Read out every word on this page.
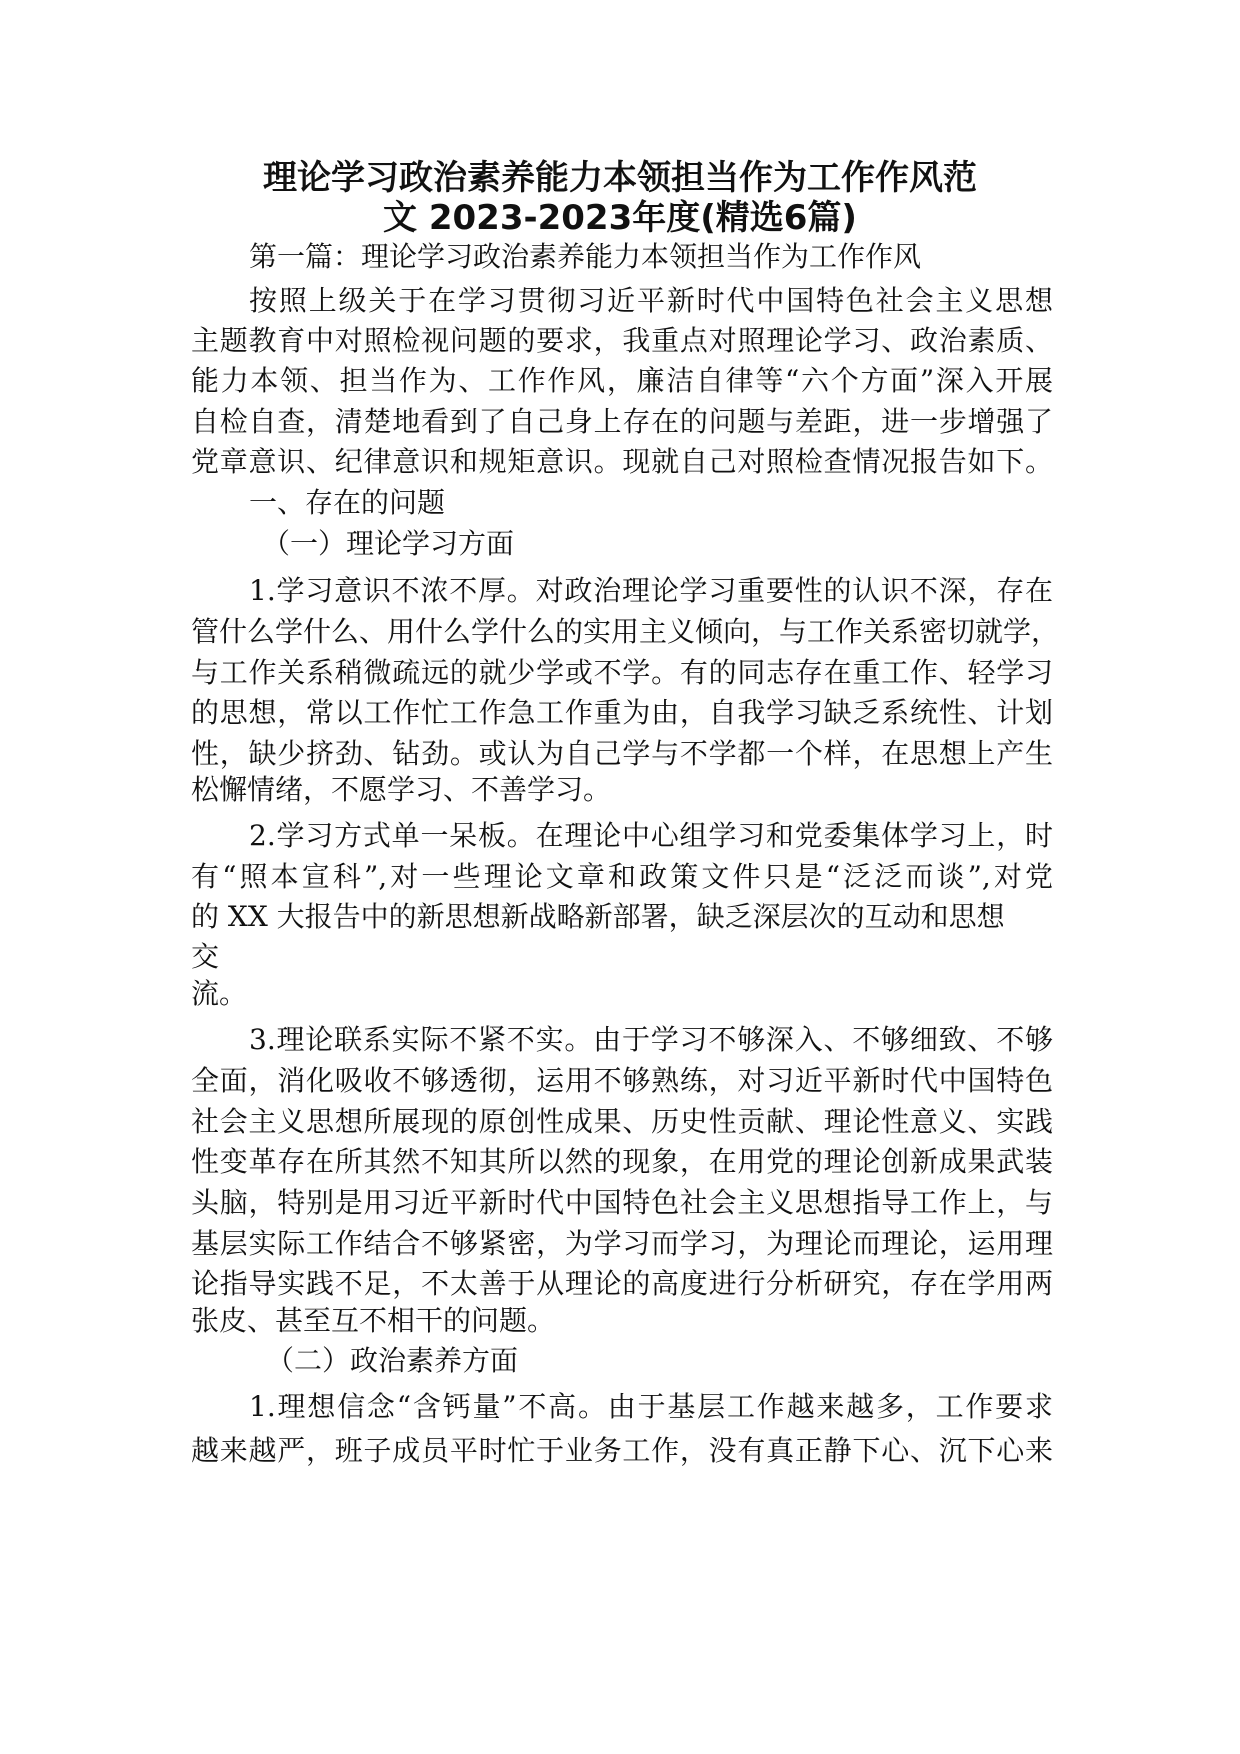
理论学习政治素养能力本领担当作为工作作风范
文 2023-2023年度(精选6篇)
第一篇：理论学习政治素养能力本领担当作为工作作风
按照上级关于在学习贯彻习近平新时代中国特色社会主义思想
主题教育中对照检视问题的要求，我重点对照理论学习、政治素质、
能力本领、担当作为、工作作风，廉洁自律等“六个方面”深入开展
自检自查，清楚地看到了自己身上存在的问题与差距，进一步增强了
党章意识、纪律意识和规矩意识。现就自己对照检查情况报告如下。
一、存在的问题
（一）理论学习方面
1.学习意识不浓不厚。对政治理论学习重要性的认识不深，存在
管什么学什么、用什么学什么的实用主义倾向，与工作关系密切就学，
与工作关系稍微疏远的就少学或不学。有的同志存在重工作、轻学习
的思想，常以工作忙工作急工作重为由，自我学习缺乏系统性、计划
性，缺少挤劲、钻劲。或认为自己学与不学都一个样，在思想上产生
松懈情绪，不愿学习、不善学习。
2.学习方式单一呆板。在理论中心组学习和党委集体学习上，时
有“照本宣科”,对一些理论文章和政策文件只是“泛泛而谈”,对党
的 XX 大报告中的新思想新战略新部署，缺乏深层次的互动和思想
交
流。
3.理论联系实际不紧不实。由于学习不够深入、不够细致、不够
全面，消化吸收不够透彻，运用不够熟练，对习近平新时代中国特色
社会主义思想所展现的原创性成果、历史性贡献、理论性意义、实践
性变革存在所其然不知其所以然的现象，在用党的理论创新成果武装
头脑，特别是用习近平新时代中国特色社会主义思想指导工作上，与
基层实际工作结合不够紧密，为学习而学习，为理论而理论，运用理
论指导实践不足，不太善于从理论的高度进行分析研究，存在学用两
张皮、甚至互不相干的问题。
（二）政治素养方面
1.理想信念“含钙量”不高。由于基层工作越来越多，工作要求
越来越严，班子成员平时忙于业务工作，没有真正静下心、沉下心来
